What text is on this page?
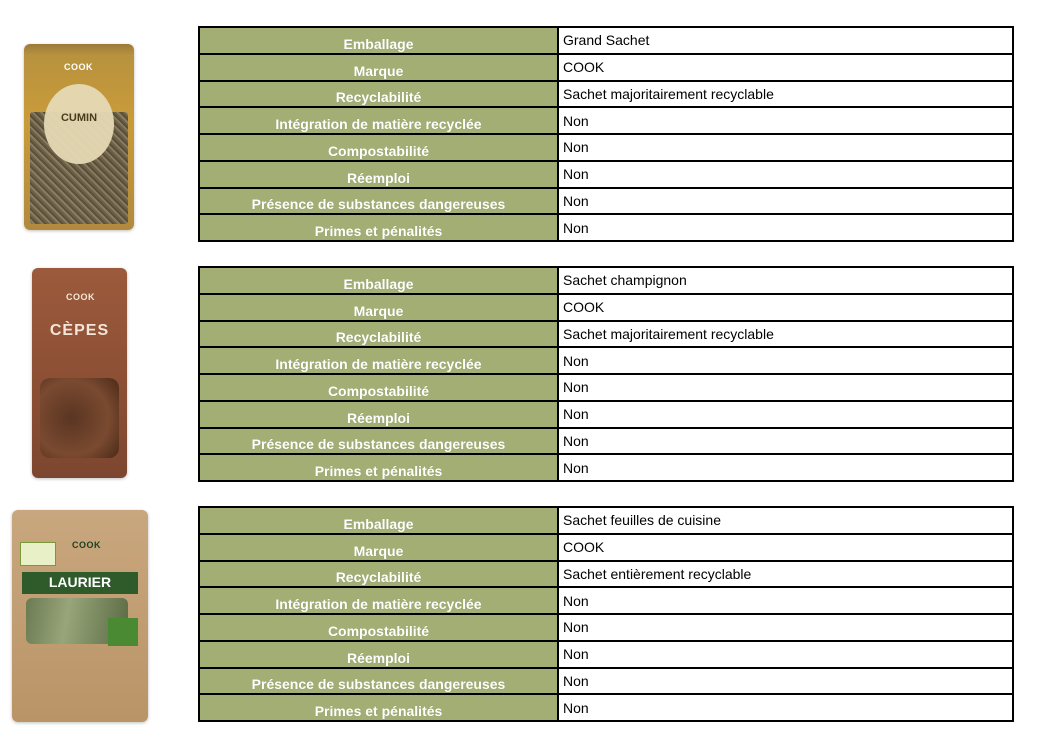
COOK
CUMIN
Emballage	Grand Sachet
Marque	COOK
Recyclabilité	Sachet majoritairement recyclable
Intégration de matière recyclée	Non
Compostabilité	Non
Réemploi	Non
Présence de substances dangereuses	Non
Primes et pénalités	Non
COOK
CÈPES
Emballage	Sachet champignon
Marque	COOK
Recyclabilité	Sachet majoritairement recyclable
Intégration de matière recyclée	Non
Compostabilité	Non
Réemploi	Non
Présence de substances dangereuses	Non
Primes et pénalités	Non
COOK
LAURIER
Emballage	Sachet feuilles de cuisine
Marque	COOK
Recyclabilité	Sachet entièrement recyclable
Intégration de matière recyclée	Non
Compostabilité	Non
Réemploi	Non
Présence de substances dangereuses	Non
Primes et pénalités	Non
